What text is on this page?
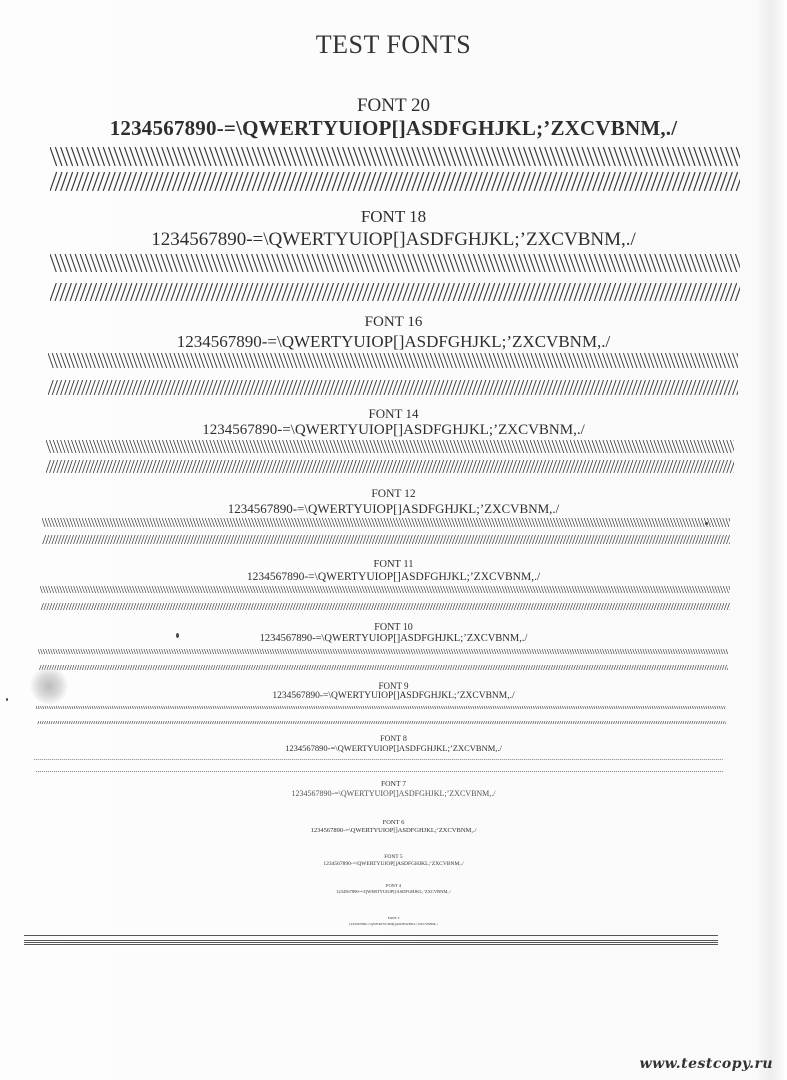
TEST FONTS
FONT 20
1234567890-=\QWERTYUIOP[]ASDFGHJKL;’ZXCVBNM,./
FONT 18
1234567890-=\QWERTYUIOP[]ASDFGHJKL;’ZXCVBNM,./
FONT 16
1234567890-=\QWERTYUIOP[]ASDFGHJKL;’ZXCVBNM,./
FONT 14
1234567890-=\QWERTYUIOP[]ASDFGHJKL;’ZXCVBNM,./
FONT 12
1234567890-=\QWERTYUIOP[]ASDFGHJKL;’ZXCVBNM,./
FONT 11
1234567890-=\QWERTYUIOP[]ASDFGHJKL;’ZXCVBNM,./
FONT 10
1234567890-=\QWERTYUIOP[]ASDFGHJKL;’ZXCVBNM,./
FONT 9
1234567890-=\QWERTYUIOP[]ASDFGHJKL;’ZXCVBNM,./
FONT 8
1234567890-=\QWERTYUIOP[]ASDFGHJKL;’ZXCVBNM,./
FONT 7
1234567890-=\QWERTYUIOP[]ASDFGHJKL;’ZXCVBNM,./
FONT 6
1234567890-=\QWERTYUIOP[]ASDFGHJKL;’ZXCVBNM,./
FONT 5
1234567890-=\QWERTYUIOP[]ASDFGHJKL;’ZXCVBNM,./
FONT 4
1234567890-=\QWERTYUIOP[]ASDFGHJKL;’ZXCVBNM,./
FONT 3
1234567890-=\QWERTYUIOP[]ASDFGHJKL;’ZXCVBNM,./
www.testcopy.ru
